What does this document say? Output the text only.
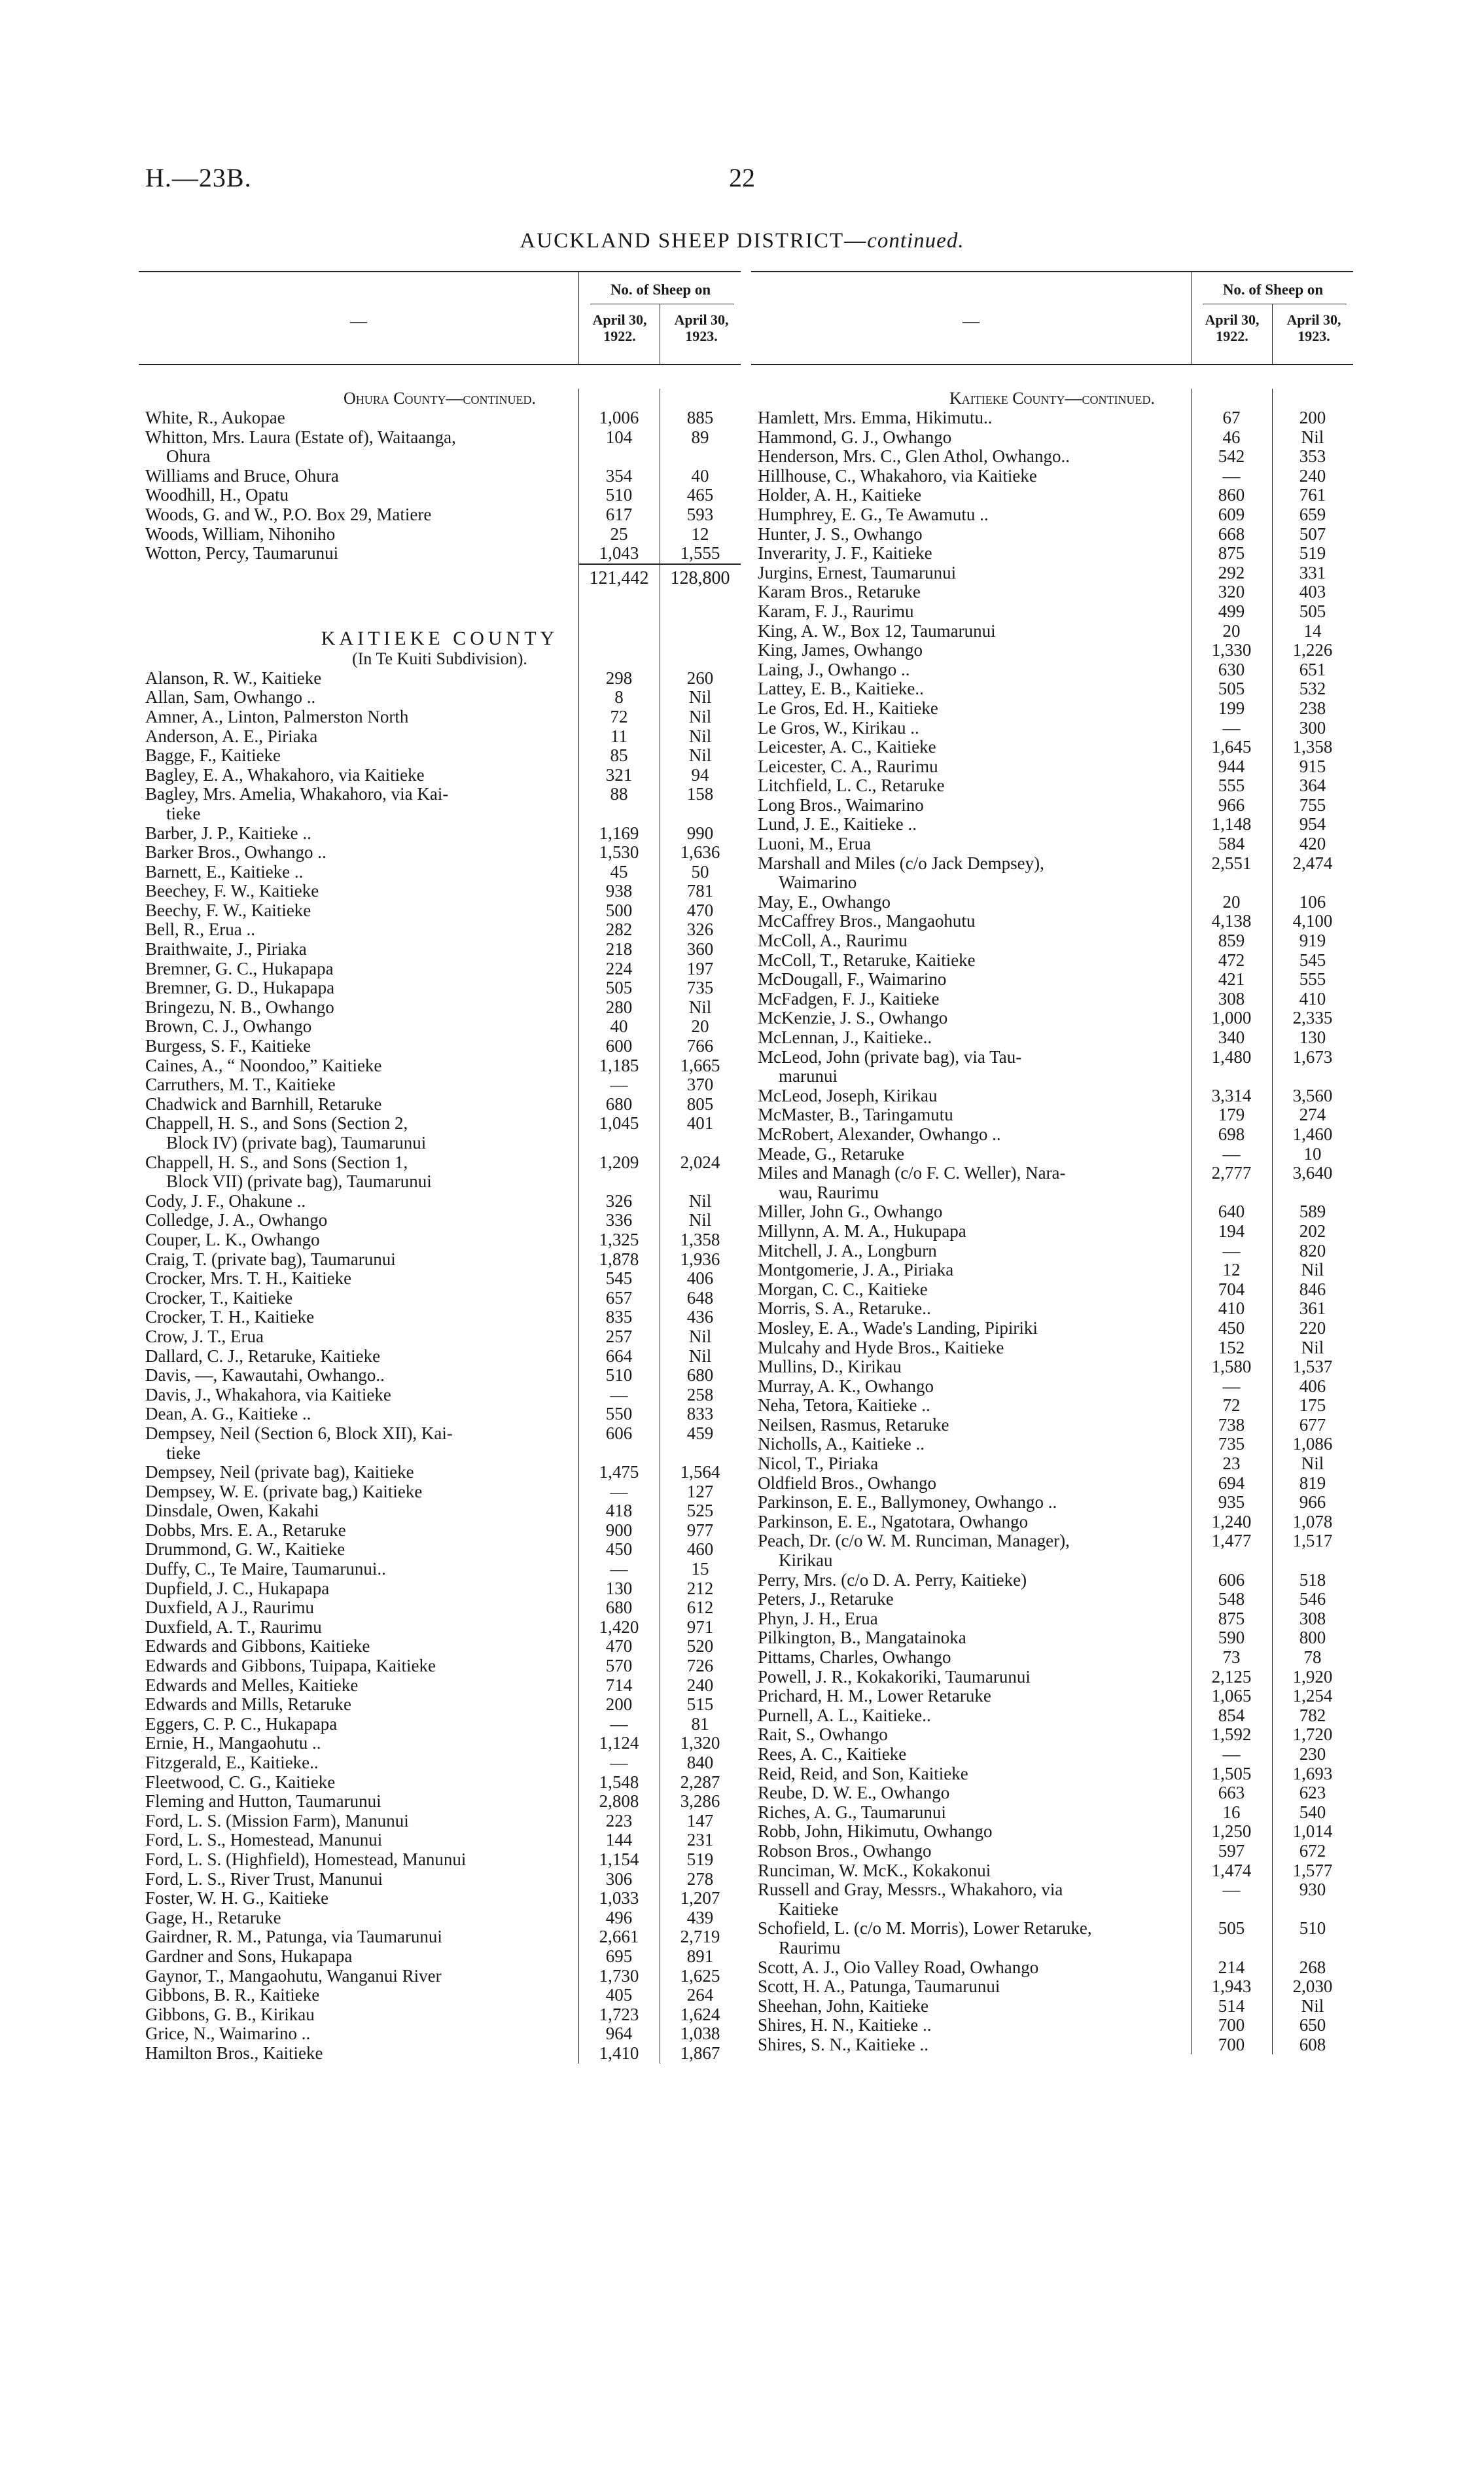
H.—23B.	22
AUCKLAND SHEEP DISTRICT—continued.
—
No. of Sheep on
April 30, 1922.
April 30, 1923.
Ohura County—continued.
White, R., Aukopae	1,006	885
Whitton, Mrs. Laura (Estate of), Waitaanga,	104	89
Ohura
Williams and Bruce, Ohura	354	40
Woodhill, H., Opatu	510	465
Woods, G. and W., P.O. Box 29, Matiere	617	593
Woods, William, Nihoniho	25	12
Wotton, Percy, Taumarunui	1,043	1,555
121,442	128,800
KAITIEKE COUNTY
(In Te Kuiti Subdivision).
Alanson, R. W., Kaitieke	298	260
Allan, Sam, Owhango ..	8	Nil
Amner, A., Linton, Palmerston North	72	Nil
Anderson, A. E., Piriaka	11	Nil
Bagge, F., Kaitieke	85	Nil
Bagley, E. A., Whakahoro, via Kaitieke	321	94
Bagley, Mrs. Amelia, Whakahoro, via Kai-	88	158
tieke
Barber, J. P., Kaitieke ..	1,169	990
Barker Bros., Owhango ..	1,530	1,636
Barnett, E., Kaitieke ..	45	50
Beechey, F. W., Kaitieke	938	781
Beechy, F. W., Kaitieke	500	470
Bell, R., Erua ..	282	326
Braithwaite, J., Piriaka	218	360
Bremner, G. C., Hukapapa	224	197
Bremner, G. D., Hukapapa	505	735
Bringezu, N. B., Owhango	280	Nil
Brown, C. J., Owhango	40	20
Burgess, S. F., Kaitieke	600	766
Caines, A., “ Noondoo,” Kaitieke	1,185	1,665
Carruthers, M. T., Kaitieke	—	370
Chadwick and Barnhill, Retaruke	680	805
Chappell, H. S., and Sons (Section 2,	1,045	401
Block IV) (private bag), Taumarunui
Chappell, H. S., and Sons (Section 1,	1,209	2,024
Block VII) (private bag), Taumarunui
Cody, J. F., Ohakune ..	326	Nil
Colledge, J. A., Owhango	336	Nil
Couper, L. K., Owhango	1,325	1,358
Craig, T. (private bag), Taumarunui	1,878	1,936
Crocker, Mrs. T. H., Kaitieke	545	406
Crocker, T., Kaitieke	657	648
Crocker, T. H., Kaitieke	835	436
Crow, J. T., Erua	257	Nil
Dallard, C. J., Retaruke, Kaitieke	664	Nil
Davis, —, Kawautahi, Owhango..	510	680
Davis, J., Whakahora, via Kaitieke	—	258
Dean, A. G., Kaitieke ..	550	833
Dempsey, Neil (Section 6, Block XII), Kai-	606	459
tieke
Dempsey, Neil (private bag), Kaitieke	1,475	1,564
Dempsey, W. E. (private bag,) Kaitieke	—	127
Dinsdale, Owen, Kakahi	418	525
Dobbs, Mrs. E. A., Retaruke	900	977
Drummond, G. W., Kaitieke	450	460
Duffy, C., Te Maire, Taumarunui..	—	15
Dupfield, J. C., Hukapapa	130	212
Duxfield, A J., Raurimu	680	612
Duxfield, A. T., Raurimu	1,420	971
Edwards and Gibbons, Kaitieke	470	520
Edwards and Gibbons, Tuipapa, Kaitieke	570	726
Edwards and Melles, Kaitieke	714	240
Edwards and Mills, Retaruke	200	515
Eggers, C. P. C., Hukapapa	—	81
Ernie, H., Mangaohutu ..	1,124	1,320
Fitzgerald, E., Kaitieke..	—	840
Fleetwood, C. G., Kaitieke	1,548	2,287
Fleming and Hutton, Taumarunui	2,808	3,286
Ford, L. S. (Mission Farm), Manunui	223	147
Ford, L. S., Homestead, Manunui	144	231
Ford, L. S. (Highfield), Homestead, Manunui	1,154	519
Ford, L. S., River Trust, Manunui	306	278
Foster, W. H. G., Kaitieke	1,033	1,207
Gage, H., Retaruke	496	439
Gairdner, R. M., Patunga, via Taumarunui	2,661	2,719
Gardner and Sons, Hukapapa	695	891
Gaynor, T., Mangaohutu, Wanganui River	1,730	1,625
Gibbons, B. R., Kaitieke	405	264
Gibbons, G. B., Kirikau	1,723	1,624
Grice, N., Waimarino ..	964	1,038
Hamilton Bros., Kaitieke	1,410	1,867
—
No. of Sheep on
April 30, 1922.
April 30, 1923.
Kaitieke County—continued.
Hamlett, Mrs. Emma, Hikimutu..	67	200
Hammond, G. J., Owhango	46	Nil
Henderson, Mrs. C., Glen Athol, Owhango..	542	353
Hillhouse, C., Whakahoro, via Kaitieke	—	240
Holder, A. H., Kaitieke	860	761
Humphrey, E. G., Te Awamutu ..	609	659
Hunter, J. S., Owhango	668	507
Inverarity, J. F., Kaitieke	875	519
Jurgins, Ernest, Taumarunui	292	331
Karam Bros., Retaruke	320	403
Karam, F. J., Raurimu	499	505
King, A. W., Box 12, Taumarunui	20	14
King, James, Owhango	1,330	1,226
Laing, J., Owhango ..	630	651
Lattey, E. B., Kaitieke..	505	532
Le Gros, Ed. H., Kaitieke	199	238
Le Gros, W., Kirikau ..	—	300
Leicester, A. C., Kaitieke	1,645	1,358
Leicester, C. A., Raurimu	944	915
Litchfield, L. C., Retaruke	555	364
Long Bros., Waimarino	966	755
Lund, J. E., Kaitieke ..	1,148	954
Luoni, M., Erua	584	420
Marshall and Miles (c/o Jack Dempsey),	2,551	2,474
Waimarino
May, E., Owhango	20	106
McCaffrey Bros., Mangaohutu	4,138	4,100
McColl, A., Raurimu	859	919
McColl, T., Retaruke, Kaitieke	472	545
McDougall, F., Waimarino	421	555
McFadgen, F. J., Kaitieke	308	410
McKenzie, J. S., Owhango	1,000	2,335
McLennan, J., Kaitieke..	340	130
McLeod, John (private bag), via Tau-	1,480	1,673
marunui
McLeod, Joseph, Kirikau	3,314	3,560
McMaster, B., Taringamutu	179	274
McRobert, Alexander, Owhango ..	698	1,460
Meade, G., Retaruke	—	10
Miles and Managh (c/o F. C. Weller), Nara-	2,777	3,640
wau, Raurimu
Miller, John G., Owhango	640	589
Millynn, A. M. A., Hukupapa	194	202
Mitchell, J. A., Longburn	—	820
Montgomerie, J. A., Piriaka	12	Nil
Morgan, C. C., Kaitieke	704	846
Morris, S. A., Retaruke..	410	361
Mosley, E. A., Wade's Landing, Pipiriki	450	220
Mulcahy and Hyde Bros., Kaitieke	152	Nil
Mullins, D., Kirikau	1,580	1,537
Murray, A. K., Owhango	—	406
Neha, Tetora, Kaitieke ..	72	175
Neilsen, Rasmus, Retaruke	738	677
Nicholls, A., Kaitieke ..	735	1,086
Nicol, T., Piriaka	23	Nil
Oldfield Bros., Owhango	694	819
Parkinson, E. E., Ballymoney, Owhango ..	935	966
Parkinson, E. E., Ngatotara, Owhango	1,240	1,078
Peach, Dr. (c/o W. M. Runciman, Manager),	1,477	1,517
Kirikau
Perry, Mrs. (c/o D. A. Perry, Kaitieke)	606	518
Peters, J., Retaruke	548	546
Phyn, J. H., Erua	875	308
Pilkington, B., Mangatainoka	590	800
Pittams, Charles, Owhango	73	78
Powell, J. R., Kokakoriki, Taumarunui	2,125	1,920
Prichard, H. M., Lower Retaruke	1,065	1,254
Purnell, A. L., Kaitieke..	854	782
Rait, S., Owhango	1,592	1,720
Rees, A. C., Kaitieke	—	230
Reid, Reid, and Son, Kaitieke	1,505	1,693
Reube, D. W. E., Owhango	663	623
Riches, A. G., Taumarunui	16	540
Robb, John, Hikimutu, Owhango	1,250	1,014
Robson Bros., Owhango	597	672
Runciman, W. McK., Kokakonui	1,474	1,577
Russell and Gray, Messrs., Whakahoro, via	—	930
Kaitieke
Schofield, L. (c/o M. Morris), Lower Retaruke,	505	510
Raurimu
Scott, A. J., Oio Valley Road, Owhango	214	268
Scott, H. A., Patunga, Taumarunui	1,943	2,030
Sheehan, John, Kaitieke	514	Nil
Shires, H. N., Kaitieke ..	700	650
Shires, S. N., Kaitieke ..	700	608
